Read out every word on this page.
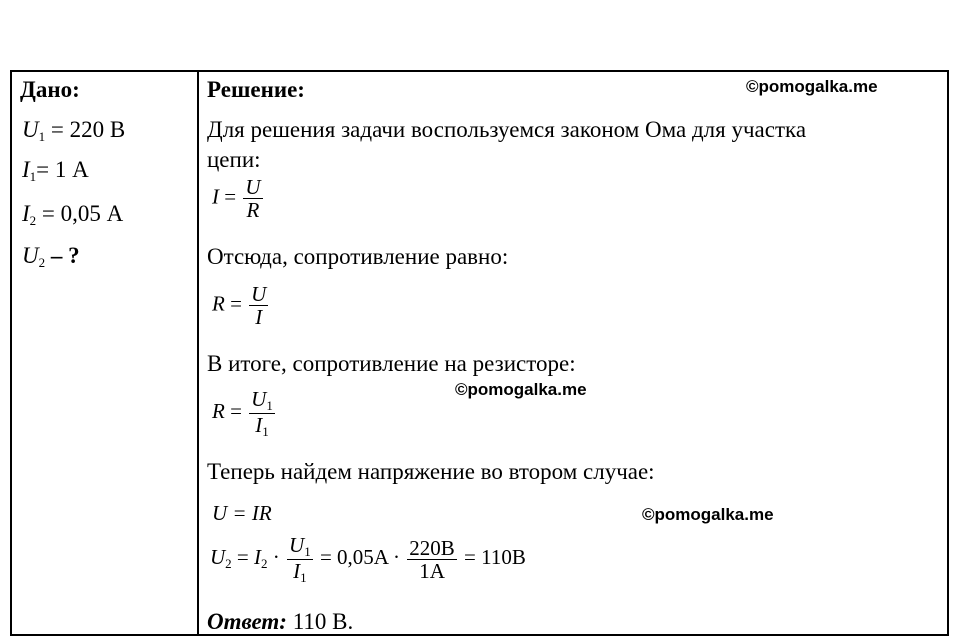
Дано:
$U_1 = 220$ В
$I_1= 1$ А
$I_2 = 0,05$ А
$U_2$ – ?
Решение:	©pomogalka.me
Для решения задачи воспользуемся законом Ома для участка
цепи:
$I = \frac{U}{R}$
Отсюда, сопротивление равно:
$R = \frac{U}{I}$
В итоге, сопротивление на резисторе:
©pomogalka.me
$R = \frac{U_1}{I_1}$
Теперь найдем напряжение во втором случае:
U = IR	©pomogalka.me
$U_2 = I_2 \cdot \frac{U_1}{I_1} = 0,05A \cdot \frac{220B}{1A} = 110B$
Ответ: 110 В.
